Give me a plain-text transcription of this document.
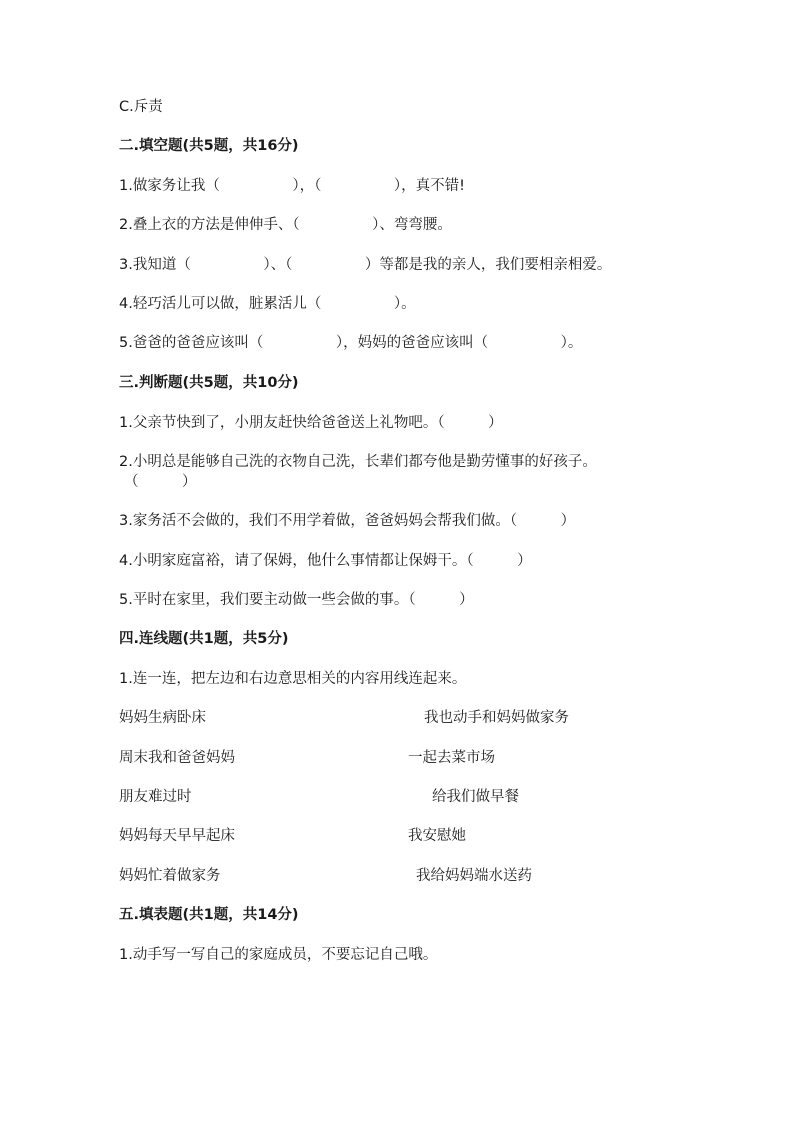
C.斥责
二.填空题(共5题，共16分)
1.做家务让我（　　　　　），（　　　　　），真不错!
2.叠上衣的方法是伸伸手、（　　　　　）、弯弯腰。
3.我知道（　　　　　）、（　　　　　）等都是我的亲人，我们要相亲相爱。
4.轻巧活儿可以做，脏累活儿（　　　　　）。
5.爸爸的爸爸应该叫（　　　　　），妈妈的爸爸应该叫（　　　　　）。
三.判断题(共5题，共10分)
1.父亲节快到了，小朋友赶快给爸爸送上礼物吧。（　　　）
2.小明总是能够自己洗的衣物自己洗，长辈们都夸他是勤劳懂事的好孩子。
（　　　）
3.家务活不会做的，我们不用学着做，爸爸妈妈会帮我们做。（　　　）
4.小明家庭富裕，请了保姆，他什么事情都让保姆干。（　　　）
5.平时在家里，我们要主动做一些会做的事。（　　　）
四.连线题(共1题，共5分)
1.连一连，把左边和右边意思相关的内容用线连起来。
妈妈生病卧床	我也动手和妈妈做家务
周末我和爸爸妈妈	一起去菜市场
朋友难过时	给我们做早餐
妈妈每天早早起床	我安慰她
妈妈忙着做家务	我给妈妈端水送药
五.填表题(共1题，共14分)
1.动手写一写自己的家庭成员，不要忘记自己哦。
